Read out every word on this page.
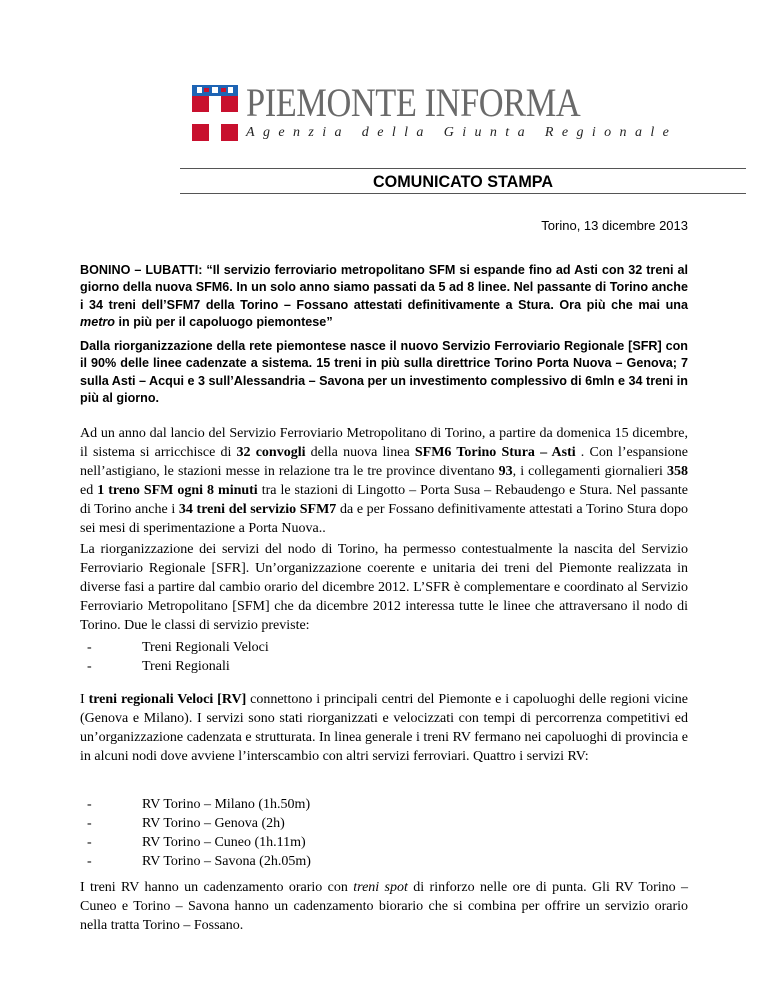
PIEMONTE INFORMA
Agenzia della Giunta Regionale
COMUNICATO STAMPA
Torino, 13 dicembre 2013
BONINO – LUBATTI: “Il servizio ferroviario metropolitano SFM si espande fino ad Asti con 32 treni al giorno della nuova SFM6. In un solo anno siamo passati da 5 ad 8 linee. Nel passante di Torino anche i 34 treni dell’SFM7 della Torino – Fossano attestati definitivamente a Stura. Ora più che mai una metro in più per il capoluogo piemontese”
Dalla riorganizzazione della rete piemontese nasce il nuovo Servizio Ferroviario Regionale [SFR] con il 90% delle linee cadenzate a sistema. 15 treni in più sulla direttrice Torino Porta Nuova – Genova; 7 sulla Asti – Acqui e 3 sull’Alessandria – Savona per un investimento complessivo di 6mln e 34 treni in più al giorno.
Ad un anno dal lancio del Servizio Ferroviario Metropolitano di Torino, a partire da domenica 15 dicembre, il sistema si arricchisce di 32 convogli della nuova linea SFM6 Torino Stura – Asti . Con l’espansione nell’astigiano, le stazioni messe in relazione tra le tre province diventano 93, i collegamenti giornalieri 358 ed 1 treno SFM ogni 8 minuti tra le stazioni di Lingotto – Porta Susa – Rebaudengo e Stura. Nel passante di Torino anche i 34 treni del servizio SFM7 da e per Fossano definitivamente attestati a Torino Stura dopo sei mesi di sperimentazione a Porta Nuova..
La riorganizzazione dei servizi del nodo di Torino, ha permesso contestualmente la nascita del Servizio Ferroviario Regionale [SFR]. Un’organizzazione coerente e unitaria dei treni del Piemonte realizzata in diverse fasi a partire dal cambio orario del dicembre 2012. L’SFR è complementare e coordinato al Servizio Ferroviario Metropolitano [SFM] che da dicembre 2012 interessa tutte le linee che attraversano il nodo di Torino. Due le classi di servizio previste:
-	Treni Regionali Veloci
-	Treni Regionali
I treni regionali Veloci [RV] connettono i principali centri del Piemonte e i capoluoghi delle regioni vicine (Genova e Milano). I servizi sono stati riorganizzati e velocizzati con tempi di percorrenza competitivi ed un’organizzazione cadenzata e strutturata. In linea generale i treni RV fermano nei capoluoghi di provincia e in alcuni nodi dove avviene l’interscambio con altri servizi ferroviari. Quattro i servizi RV:
-	RV Torino – Milano (1h.50m)
-	RV Torino – Genova (2h)
-	RV Torino – Cuneo (1h.11m)
-	RV Torino – Savona (2h.05m)
I treni RV hanno un cadenzamento orario con treni spot di rinforzo nelle ore di punta. Gli RV Torino – Cuneo e Torino – Savona hanno un cadenzamento biorario che si combina per offrire un servizio orario nella tratta Torino – Fossano.
